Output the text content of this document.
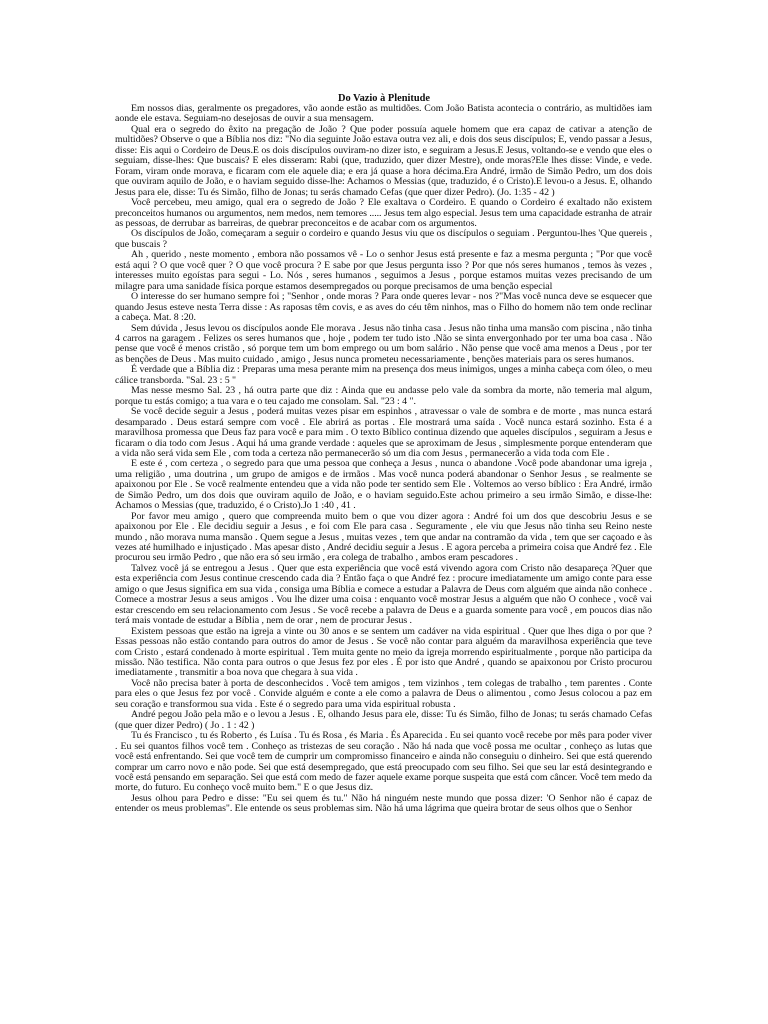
Do Vazio à Plenitude

Em nossos dias, geralmente os pregadores, vão aonde estão as multidões. Com João Batista acontecia o contrário, as multidões iam aonde ele estava. Seguiam-no desejosas de ouvir a sua mensagem.

Qual era o segredo do êxito na pregação de João ? Que poder possuía aquele homem que era capaz de cativar a atenção de multidões? Observe o que a Bíblia nos diz: "No dia seguinte João estava outra vez ali, e dois dos seus discípulos; E, vendo passar a Jesus, disse: Eis aqui o Cordeiro de Deus.E os dois discípulos ouviram-no dizer isto, e seguiram a Jesus.E Jesus, voltando-se e vendo que eles o seguiam, disse-lhes: Que buscais? E eles disseram: Rabi (que, traduzido, quer dizer Mestre), onde moras?Ele lhes disse: Vinde, e vede. Foram, viram onde morava, e ficaram com ele aquele dia; e era já quase a hora décima.Era André, irmão de Simão Pedro, um dos dois que ouviram aquilo de João, e o haviam seguido disse-lhe: Achamos o Messias (que, traduzido, é o Cristo).E levou-o a Jesus. E, olhando Jesus para ele, disse: Tu és Simão, filho de Jonas; tu serás chamado Cefas (que quer dizer Pedro). (Jo. 1:35 - 42 )

Você percebeu, meu amigo, qual era o segredo de João ? Ele exaltava o Cordeiro. E quando o Cordeiro é exaltado não existem preconceitos humanos ou argumentos, nem medos, nem temores ..... Jesus tem algo especial. Jesus tem uma capacidade estranha de atrair as pessoas, de derrubar as barreiras, de quebrar preconceitos e de acabar com os argumentos.

Os discípulos de João, começaram a seguir o cordeiro e quando Jesus viu que os discípulos o seguiam . Perguntou-lhes 'Que quereis , que buscais ?

Ah , querido , neste momento , embora não possamos vê - Lo o senhor Jesus está presente e faz a mesma pergunta ; "Por que você está aqui ? O que você quer ? O que você procura ? E sabe por que Jesus pergunta isso ? Por que nós seres humanos , temos às vezes , interesses muito egoístas para segui - Lo. Nós , seres humanos , seguimos a Jesus , porque estamos muitas vezes precisando de um milagre para uma sanidade física porque estamos desempregados ou porque precisamos de uma benção especial

O interesse do ser humano sempre foi ; "Senhor , onde moras ? Para onde queres levar - nos ?"Mas você nunca deve se esquecer que quando Jesus esteve nesta Terra disse : As raposas têm covis, e as aves do céu têm ninhos, mas o Filho do homem não tem onde reclinar a cabeça. Mat. 8 :20.

Sem dúvida , Jesus levou os discípulos aonde Ele morava . Jesus não tinha casa . Jesus não tinha uma mansão com piscina , não tinha 4 carros na garagem . Felizes os seres humanos que , hoje , podem ter tudo isto .Não se sinta envergonhado por ter uma boa casa . Não pense que você é menos cristão , só porque tem um bom emprego ou um bom salário . Não pense que você ama menos a Deus , por ter as benções de Deus . Mas muito cuidado , amigo , Jesus nunca prometeu necessariamente , benções materiais para os seres humanos.

É verdade que a Bíblia diz : Preparas uma mesa perante mim na presença dos meus inimigos, unges a minha cabeça com óleo, o meu cálice transborda. "Sal. 23 : 5 "

Mas nesse mesmo Sal. 23 , há outra parte que diz : Ainda que eu andasse pelo vale da sombra da morte, não temeria mal algum, porque tu estás comigo; a tua vara e o teu cajado me consolam. Sal. "23 : 4 ".

Se você decide seguir a Jesus , poderá muitas vezes pisar em espinhos , atravessar o vale de sombra e de morte , mas nunca estará desamparado . Deus estará sempre com você . Ele abrirá as portas . Ele mostrará uma saída . Você nunca estará sozinho. Esta é a maravilhosa promessa que Deus faz para você e para mim . O texto Bíblico continua dizendo que aqueles discípulos , seguiram a Jesus e ficaram o dia todo com Jesus . Aqui há uma grande verdade : aqueles que se aproximam de Jesus , simplesmente porque entenderam que a vida não será vida sem Ele , com toda a certeza não permanecerão só um dia com Jesus , permanecerão a vida toda com Ele .

E este é , com certeza , o segredo para que uma pessoa que conheça a Jesus , nunca o abandone .Você pode abandonar uma igreja , uma religião , uma doutrina , um grupo de amigos e de irmãos . Mas você nunca poderá abandonar o Senhor Jesus , se realmente se apaixonou por Ele . Se você realmente entendeu que a vida não pode ter sentido sem Ele . Voltemos ao verso bíblico : Era André, irmão de Simão Pedro, um dos dois que ouviram aquilo de João, e o haviam seguido.Este achou primeiro a seu irmão Simão, e disse-lhe: Achamos o Messias (que, traduzido, é o Cristo).Jo 1 :40 , 41 .

Por favor meu amigo , quero que compreenda muito bem o que vou dizer agora : André foi um dos que descobriu Jesus e se apaixonou por Ele . Ele decidiu seguir a Jesus , e foi com Ele para casa . Seguramente , ele viu que Jesus não tinha seu Reino neste mundo , não morava numa mansão . Quem segue a Jesus , muitas vezes , tem que andar na contramão da vida , tem que ser caçoado e às vezes até humilhado e injustiçado . Mas apesar disto , André decidiu seguir a Jesus . E agora perceba a primeira coisa que André fez . Ele procurou seu irmão Pedro , que não era só seu irmão , era colega de trabalho , ambos eram pescadores .

Talvez você já se entregou a Jesus . Quer que esta experiência que você está vivendo agora com Cristo não desapareça ?Quer que esta experiência com Jesus continue crescendo cada dia ? Então faça o que André fez : procure imediatamente um amigo conte para esse amigo o que Jesus significa em sua vida , consiga uma Bíblia e comece a estudar a Palavra de Deus com alguém que ainda não conhece . Comece a mostrar Jesus a seus amigos . Vou lhe dizer uma coisa : enquanto você mostrar Jesus a alguém que não O conhece , você vai estar crescendo em seu relacionamento com Jesus . Se você recebe a palavra de Deus e a guarda somente para você , em poucos dias não terá mais vontade de estudar a Bíblia , nem de orar , nem de procurar Jesus .

Existem pessoas que estão na igreja a vinte ou 30 anos e se sentem um cadáver na vida espiritual . Quer que lhes diga o por que ? Essas pessoas não estão contando para outros do amor de Jesus . Se você não contar para alguém da maravilhosa experiência que teve com Cristo , estará condenado à morte espiritual . Tem muita gente no meio da igreja morrendo espiritualmente , porque não participa da missão. Não testifica. Não conta para outros o que Jesus fez por eles . É por isto que André , quando se apaixonou por Cristo procurou imediatamente , transmitir a boa nova que chegara à sua vida .

Você não precisa bater à porta de desconhecidos . Você tem amigos , tem vizinhos , tem colegas de trabalho , tem parentes . Conte para eles o que Jesus fez por você . Convide alguém e conte a ele como a palavra de Deus o alimentou , como Jesus colocou a paz em seu coração e transformou sua vida . Este é o segredo para uma vida espiritual robusta .

André pegou João pela mão e o levou a Jesus . E, olhando Jesus para ele, disse: Tu és Simão, filho de Jonas; tu serás chamado Cefas (que quer dizer Pedro) ( Jo . 1 : 42 )

Tu és Francisco , tu és Roberto , és Luísa . Tu és Rosa , és Maria . És Aparecida . Eu sei quanto você recebe por mês para poder viver . Eu sei quantos filhos você tem . Conheço as tristezas de seu coração . Não há nada que você possa me ocultar , conheço as lutas que você está enfrentando. Sei que você tem de cumprir um compromisso financeiro e ainda não conseguiu o dinheiro. Sei que está querendo comprar um carro novo e não pode. Sei que está desempregado, que está preocupado com seu filho. Sei que seu lar está desintegrando e você está pensando em separação. Sei que está com medo de fazer aquele exame porque suspeita que está com câncer. Você tem medo da morte, do futuro. Eu conheço você muito bem." E o que Jesus diz.

Jesus olhou para Pedro e disse: "Eu sei quem és tu." Não há ninguém neste mundo que possa dizer: 'O Senhor não é capaz de entender os meus problemas". Ele entende os seus problemas sim. Não há uma lágrima que queira brotar de seus olhos que o Senhor
